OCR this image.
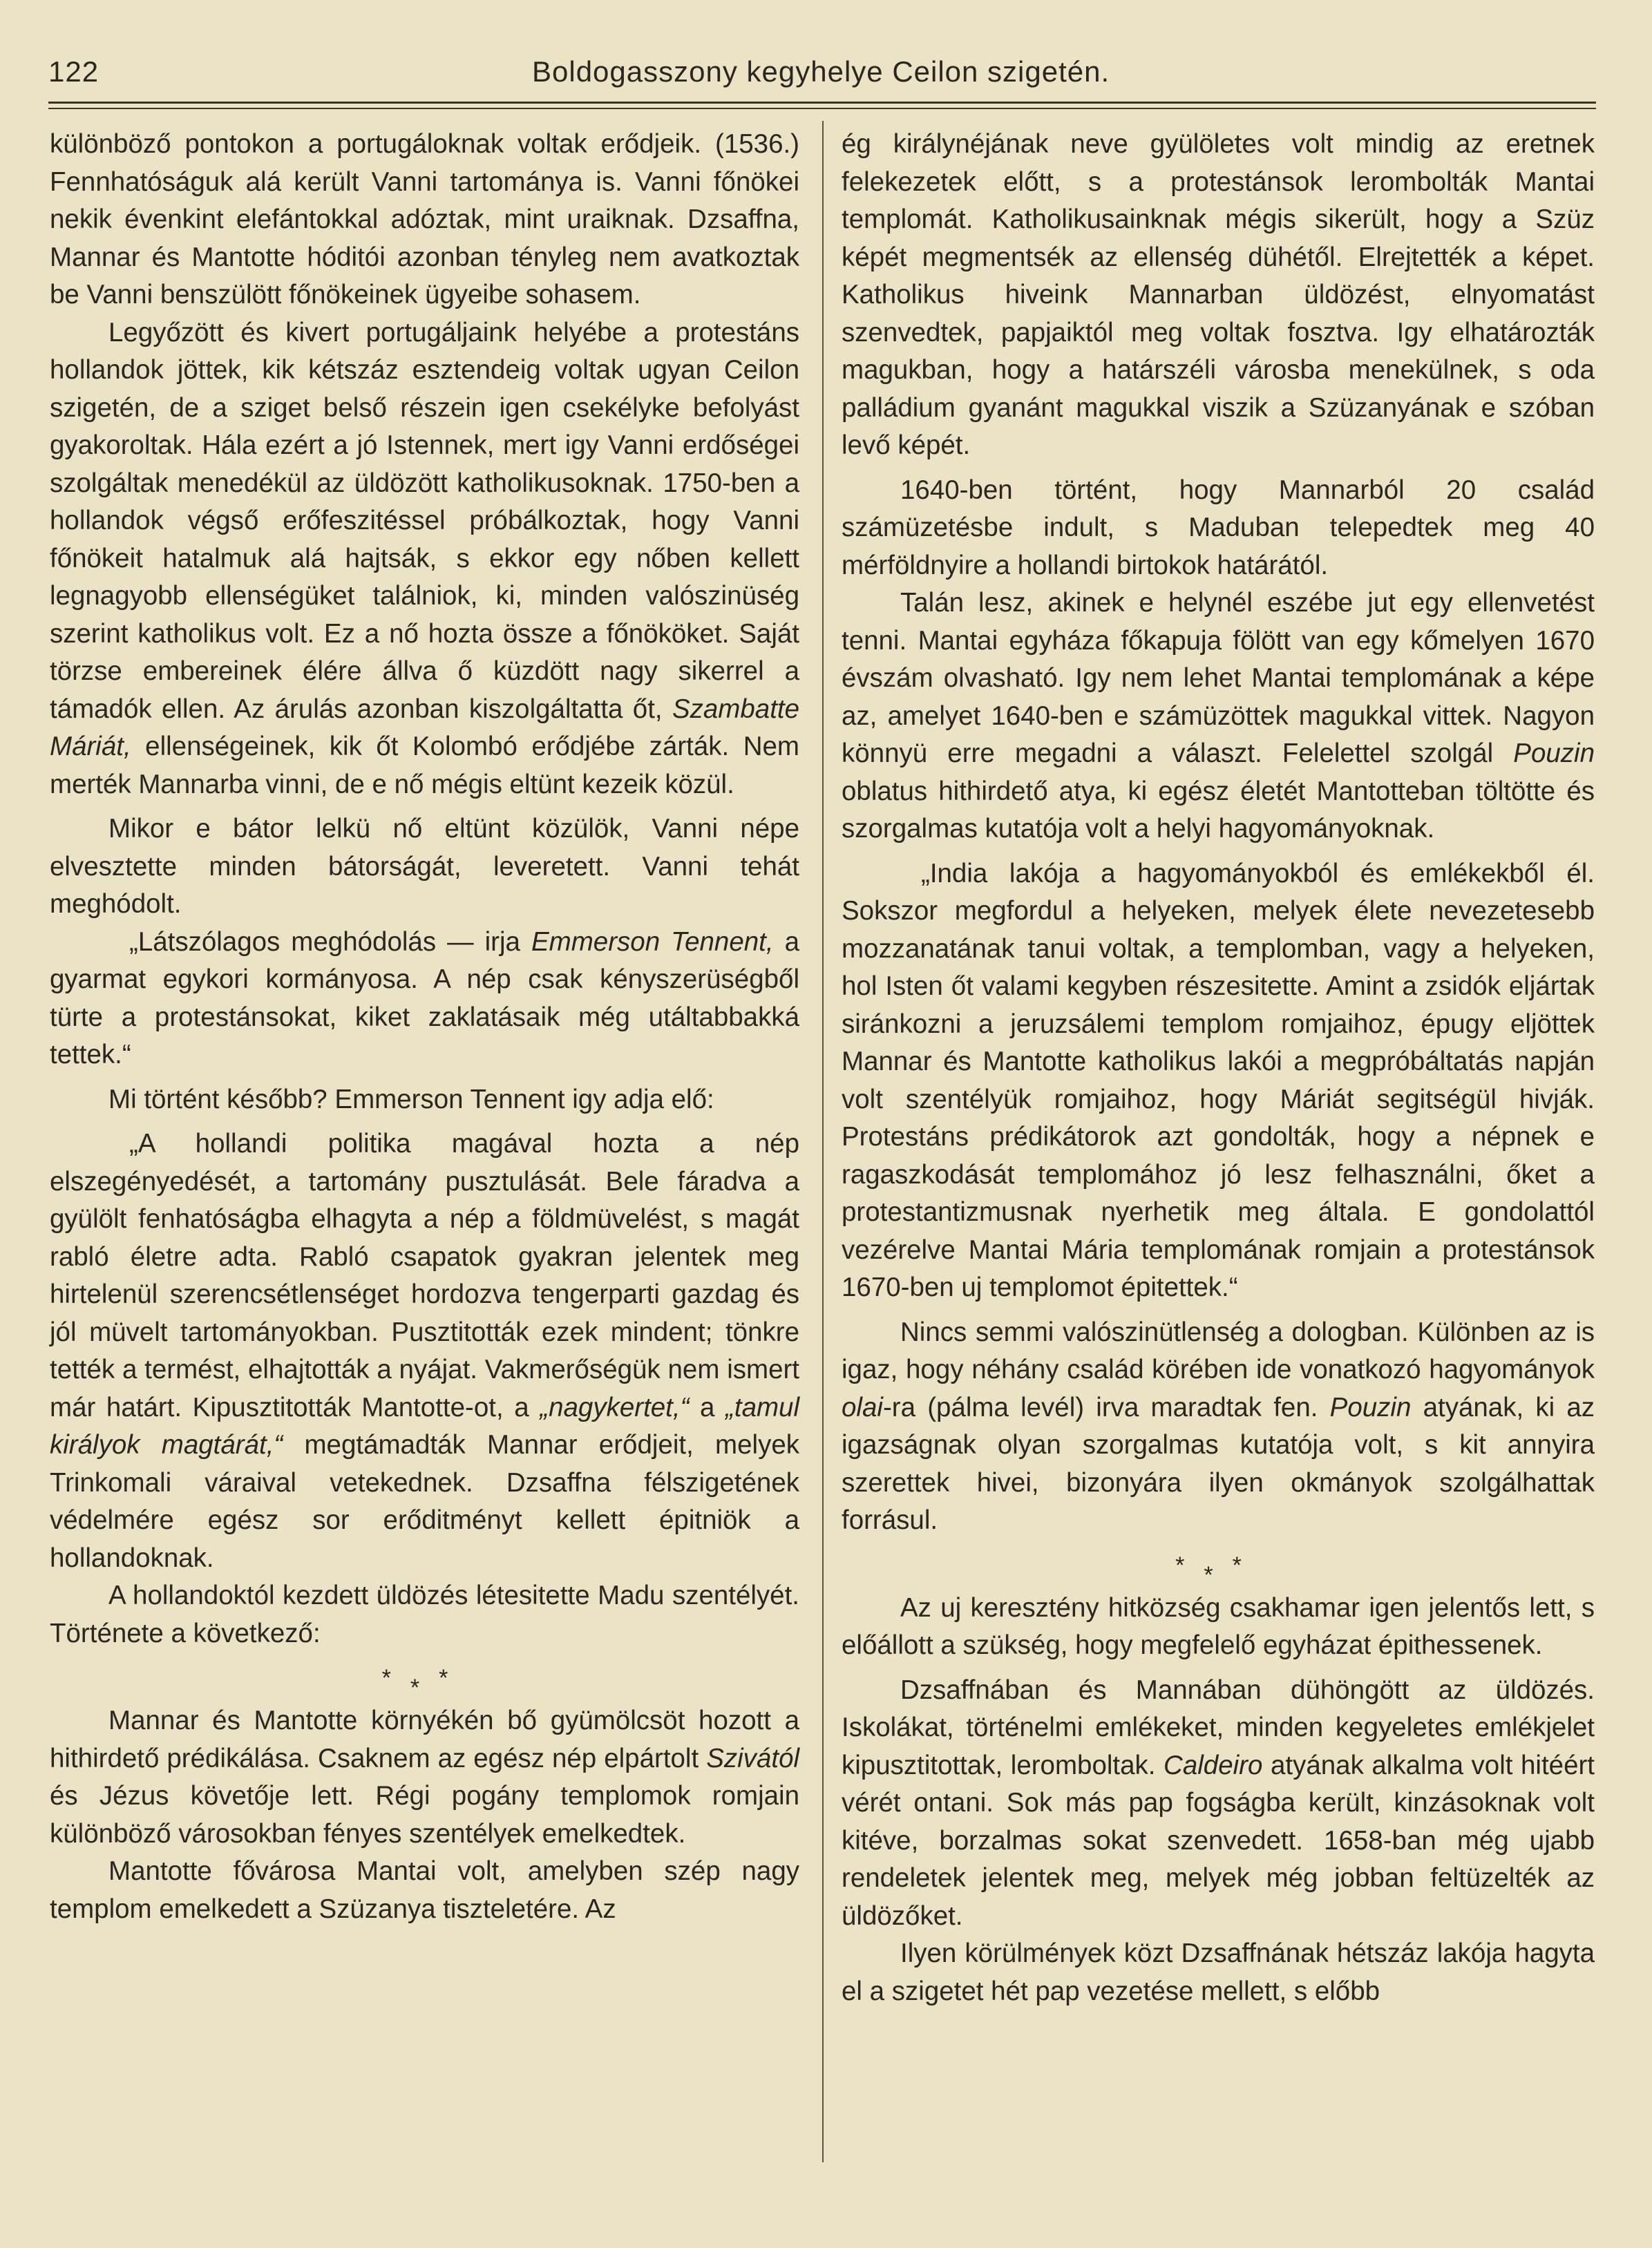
122	Boldogasszony kegyhelye Ceilon szigetén.

különböző pontokon a portugáloknak voltak erődjeik. (1536.) Fennhatóságuk alá került Vanni tartománya is. Vanni főnökei nekik évenkint elefántokkal adóztak, mint uraiknak. Dzsaffna, Mannar és Mantotte hóditói azonban tényleg nem avatkoztak be Vanni benszülött főnökeinek ügyeibe sohasem.

Legyőzött és kivert portugáljaink helyébe a protestáns hollandok jöttek, kik kétszáz esztendeig voltak ugyan Ceilon szigetén, de a sziget belső részein igen csekélyke befolyást gyakoroltak. Hála ezért a jó Istennek, mert igy Vanni erdőségei szolgáltak menedékül az üldözött katholikusoknak. 1750-ben a hollandok végső erőfeszitéssel próbálkoztak, hogy Vanni főnökeit hatalmuk alá hajtsák, s ekkor egy nőben kellett legnagyobb ellenségüket találniok, ki, minden valószinüség szerint katholikus volt. Ez a nő hozta össze a főnököket. Saját törzse embereinek élére állva ő küzdött nagy sikerrel a támadók ellen. Az árulás azonban kiszolgáltatta őt, Szambatte Máriát, ellenségeinek, kik őt Kolombó erődjébe zárták. Nem merték Mannarba vinni, de e nő mégis eltünt kezeik közül.

Mikor e bátor lelkü nő eltünt közülök, Vanni népe elvesztette minden bátorságát, leveretett. Vanni tehát meghódolt.

„Látszólagos meghódolás — irja Emmerson Tennent, a gyarmat egykori kormányosa. A nép csak kényszerüségből türte a protestánsokat, kiket zaklatásaik még utáltabbakká tettek.“

Mi történt később? Emmerson Tennent igy adja elő:

„A hollandi politika magával hozta a nép elszegényedését, a tartomány pusztulását. Bele fáradva a gyülölt fenhatóságba elhagyta a nép a földmüvelést, s magát rabló életre adta. Rabló csapatok gyakran jelentek meg hirtelenül szerencsétlenséget hordozva tengerparti gazdag és jól müvelt tartományokban. Pusztitották ezek mindent; tönkre tették a termést, elhajtották a nyájat. Vakmerőségük nem ismert már határt. Kipusztitották Mantotte-ot, a „nagykertet,“ a „tamul királyok magtárát,“ megtámadták Mannar erődjeit, melyek Trinkomali váraival vetekednek. Dzsaffna félszigetének védelmére egész sor erőditményt kellett épitniök a hollandoknak.

A hollandoktól kezdett üldözés létesitette Madu szentélyét. Története a következő:

***

Mannar és Mantotte környékén bő gyümölcsöt hozott a hithirdető prédikálása. Csaknem az egész nép elpártolt Szivától és Jézus követője lett. Régi pogány templomok romjain különböző városokban fényes szentélyek emelkedtek.

Mantotte fővárosa Mantai volt, amelyben szép nagy templom emelkedett a Szüzanya tiszteletére. Az

ég királynéjának neve gyülöletes volt mindig az eretnek felekezetek előtt, s a protestánsok lerombolták Mantai templomát. Katholikusainknak mégis sikerült, hogy a Szüz képét megmentsék az ellenség dühétől. Elrejtették a képet. Katholikus hiveink Mannarban üldözést, elnyomatást szenvedtek, papjaiktól meg voltak fosztva. Igy elhatározták magukban, hogy a határszéli városba menekülnek, s oda palládium gyanánt magukkal viszik a Szüzanyának e szóban levő képét.

1640-ben történt, hogy Mannarból 20 család számüzetésbe indult, s Maduban telepedtek meg 40 mérföldnyire a hollandi birtokok határától.

Talán lesz, akinek e helynél eszébe jut egy ellenvetést tenni. Mantai egyháza főkapuja fölött van egy kőmelyen 1670 évszám olvasható. Igy nem lehet Mantai templomának a képe az, amelyet 1640-ben e számüzöttek magukkal vittek. Nagyon könnyü erre megadni a választ. Felelettel szolgál Pouzin oblatus hithirdető atya, ki egész életét Mantotteban töltötte és szorgalmas kutatója volt a helyi hagyományoknak.

„India lakója a hagyományokból és emlékekből él. Sokszor megfordul a helyeken, melyek élete nevezetesebb mozzanatának tanui voltak, a templomban, vagy a helyeken, hol Isten őt valami kegyben részesitette. Amint a zsidók eljártak siránkozni a jeruzsálemi templom romjaihoz, épugy eljöttek Mannar és Mantotte katholikus lakói a megpróbáltatás napján volt szentélyük romjaihoz, hogy Máriát segitségül hivják. Protestáns prédikátorok azt gondolták, hogy a népnek e ragaszkodását templomához jó lesz felhasználni, őket a protestantizmusnak nyerhetik meg általa. E gondolattól vezérelve Mantai Mária templomának romjain a protestánsok 1670-ben uj templomot épitettek.“

Nincs semmi valószinütlenség a dologban. Különben az is igaz, hogy néhány család körében ide vonatkozó hagyományok olai-ra (pálma levél) irva maradtak fen. Pouzin atyának, ki az igazságnak olyan szorgalmas kutatója volt, s kit annyira szerettek hivei, bizonyára ilyen okmányok szolgálhattak forrásul.

***

Az uj keresztény hitközség csakhamar igen jelentős lett, s előállott a szükség, hogy megfelelő egyházat épithessenek.

Dzsaffnában és Mannában dühöngött az üldözés. Iskolákat, történelmi emlékeket, minden kegyeletes emlékjelet kipusztitottak, leromboltak. Caldeiro atyának alkalma volt hitéért vérét ontani. Sok más pap fogságba került, kinzásoknak volt kitéve, borzalmas sokat szenvedett. 1658-ban még ujabb rendeletek jelentek meg, melyek még jobban feltüzelték az üldözőket.

Ilyen körülmények közt Dzsaffnának hétszáz lakója hagyta el a szigetet hét pap vezetése mellett, s előbb
